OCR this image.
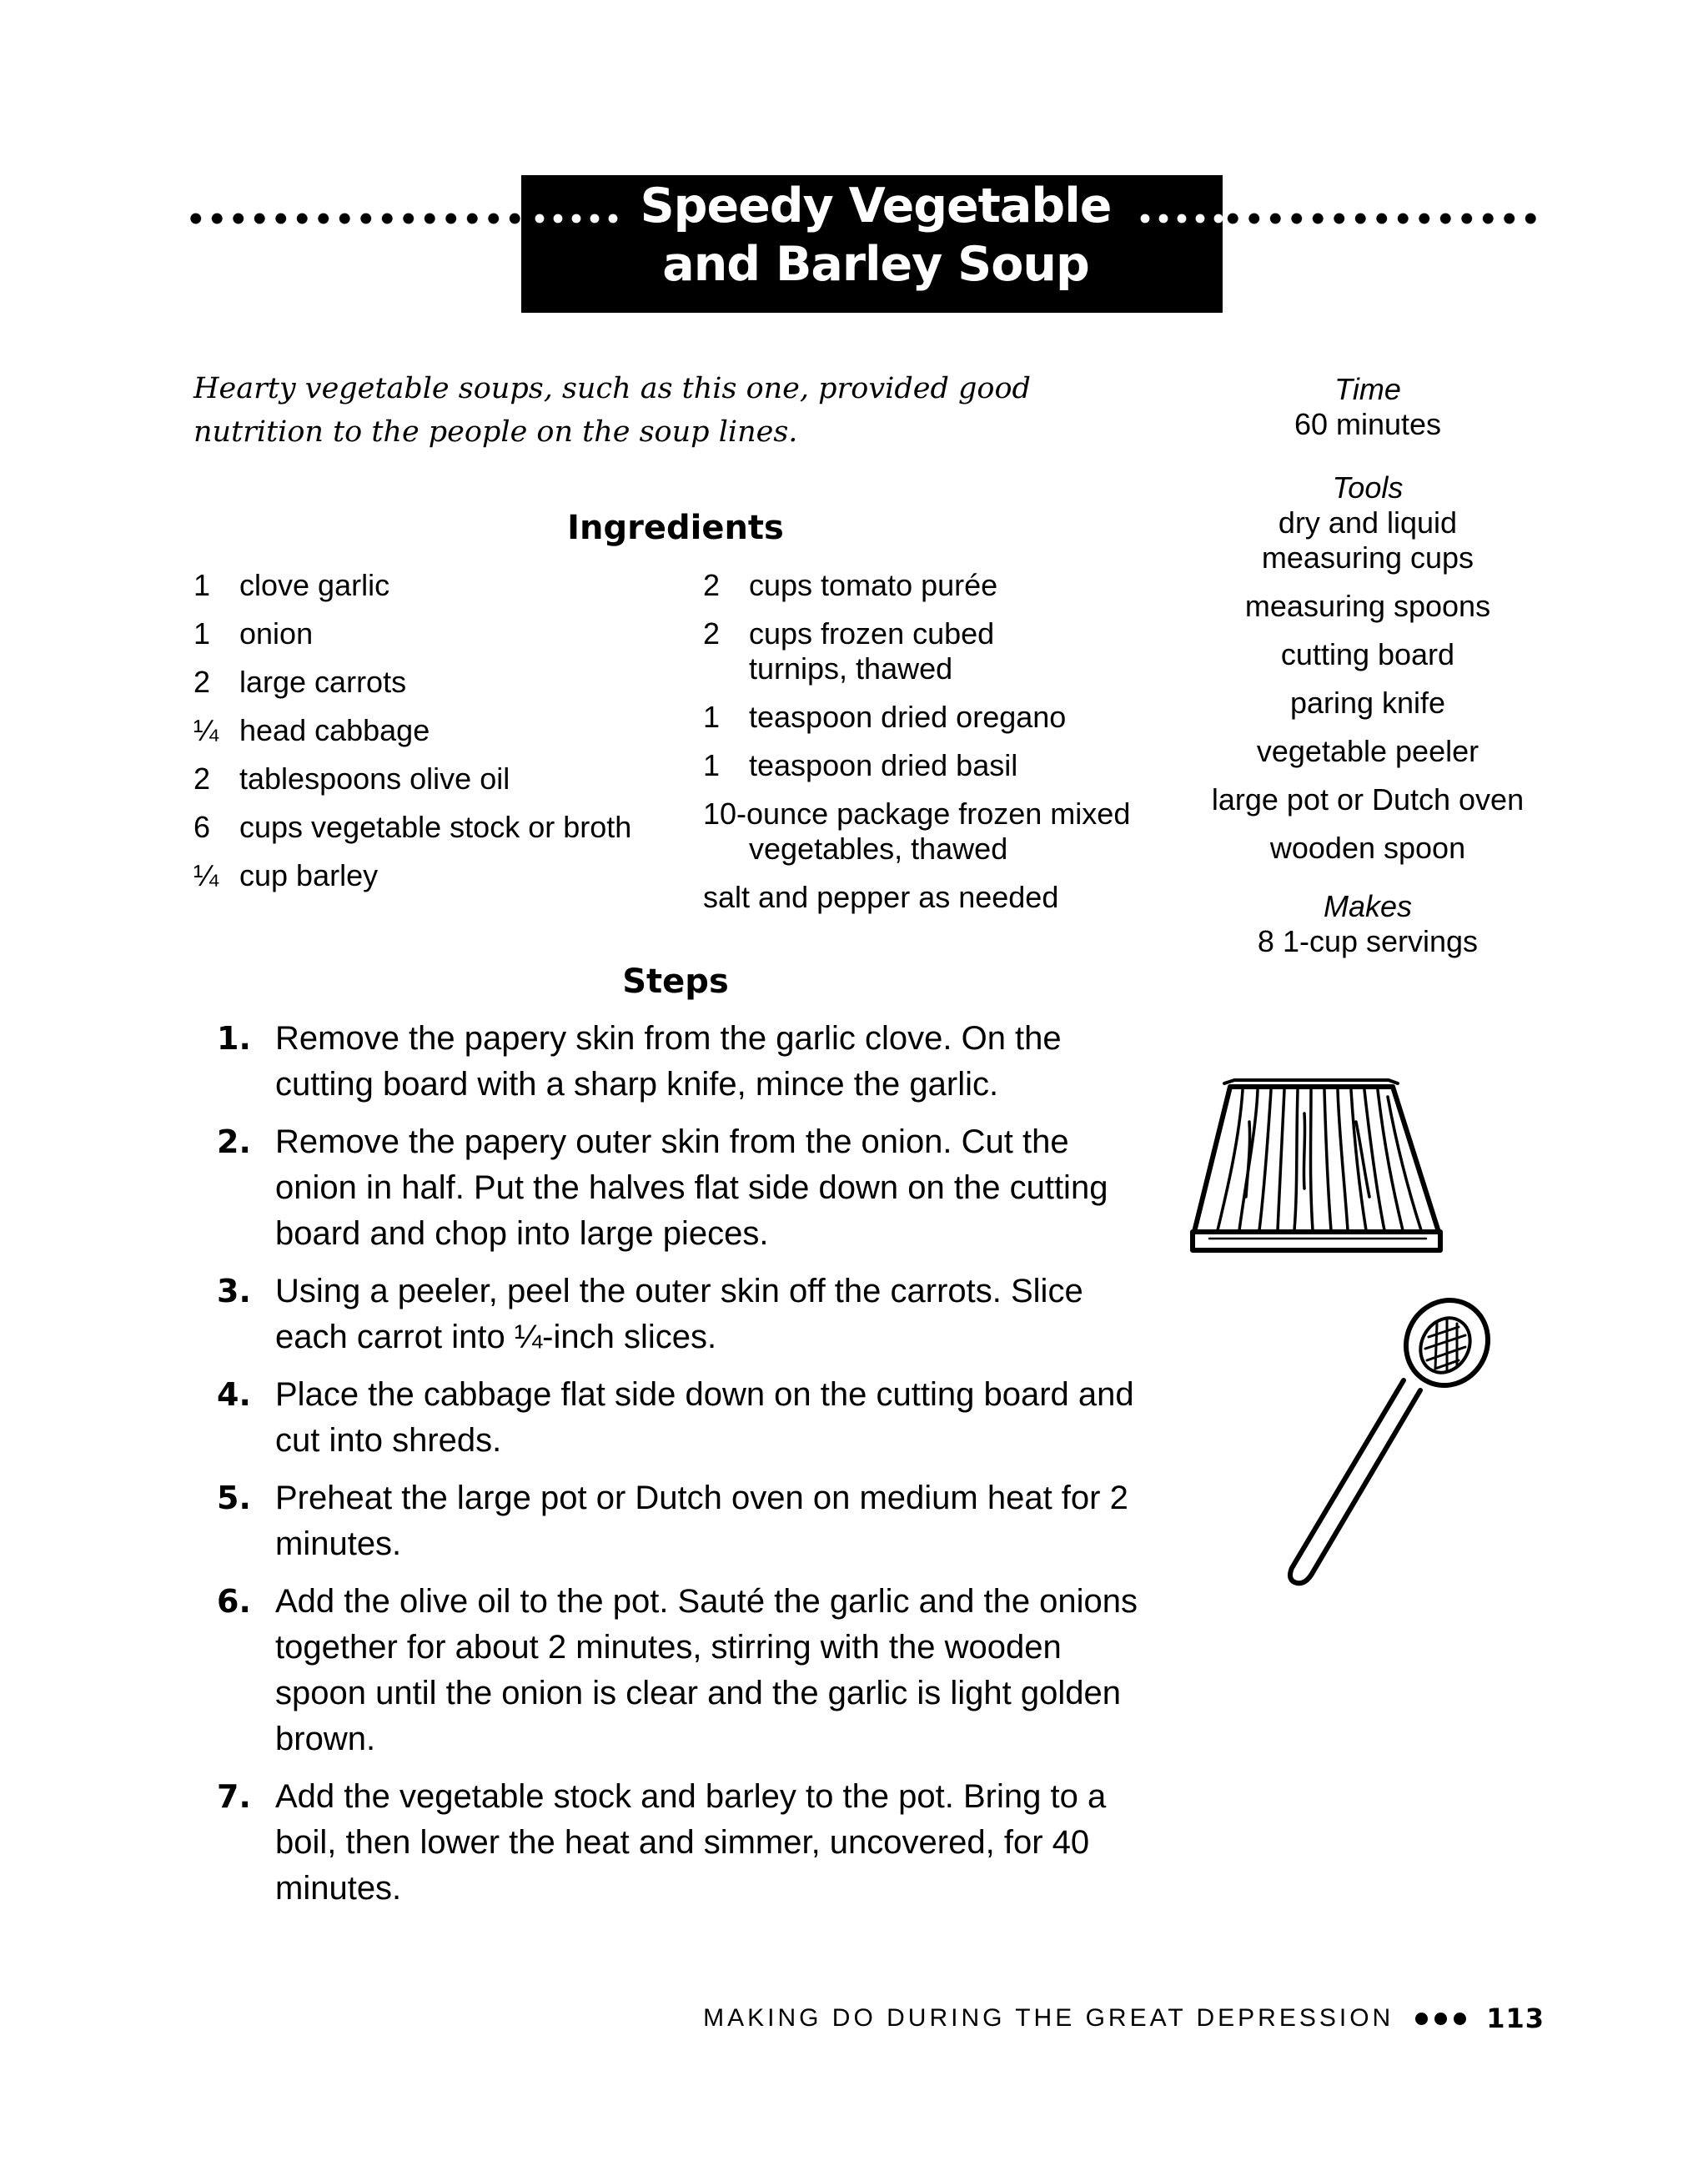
Speedy Vegetable
and Barley Soup
Hearty vegetable soups, such as this one, provided good
nutrition to the people on the soup lines.
Ingredients
1 clove garlic
1 onion
2 large carrots
¼ head cabbage
2 tablespoons olive oil
6 cups vegetable stock or broth
¼ cup barley
2 cups tomato purée
2 cups frozen cubed turnips, thawed
1 teaspoon dried oregano
1 teaspoon dried basil
10-ounce package frozen mixed vegetables, thawed
salt and pepper as needed
Time
60 minutes
Tools
dry and liquid measuring cups
measuring spoons
cutting board
paring knife
vegetable peeler
large pot or Dutch oven
wooden spoon
Makes
8 1-cup servings
Steps
1. Remove the papery skin from the garlic clove. On the cutting board with a sharp knife, mince the garlic.
2. Remove the papery outer skin from the onion. Cut the onion in half. Put the halves flat side down on the cutting board and chop into large pieces.
3. Using a peeler, peel the outer skin off the carrots. Slice each carrot into ¼-inch slices.
4. Place the cabbage flat side down on the cutting board and cut into shreds.
5. Preheat the large pot or Dutch oven on medium heat for 2 minutes.
6. Add the olive oil to the pot. Sauté the garlic and the onions together for about 2 minutes, stirring with the wooden spoon until the onion is clear and the garlic is light golden brown.
7. Add the vegetable stock and barley to the pot. Bring to a boil, then lower the heat and simmer, uncovered, for 40 minutes.
MAKING DO DURING THE GREAT DEPRESSION	113
